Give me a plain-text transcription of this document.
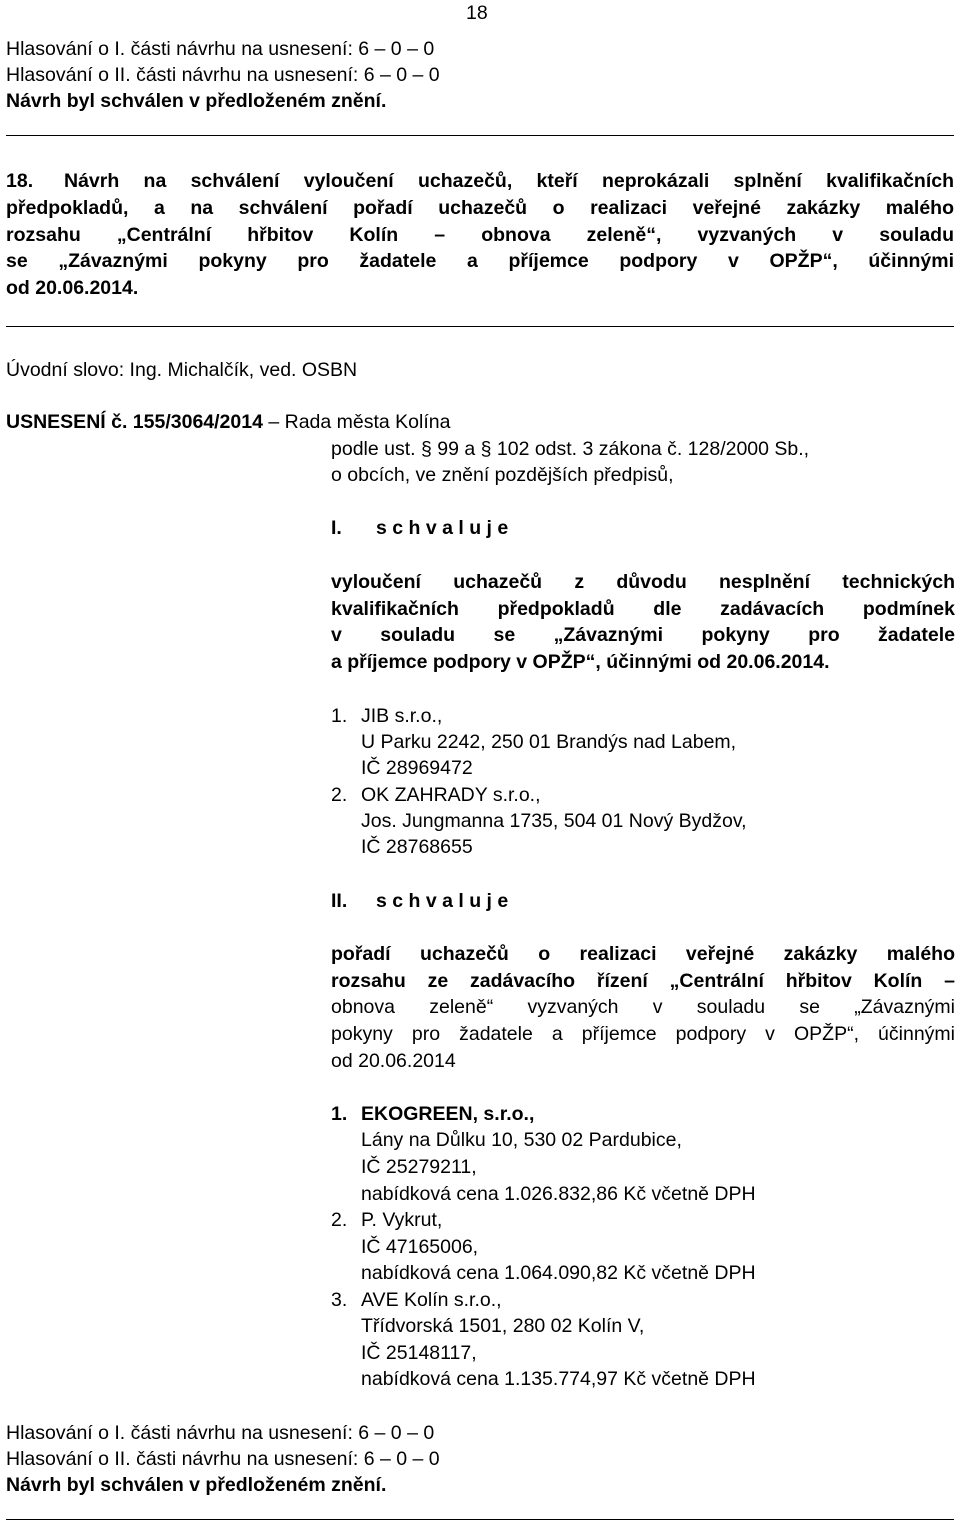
18
Hlasování o I. části návrhu na usnesení: 6 – 0 – 0
Hlasování o II. části návrhu na usnesení: 6 – 0 – 0
Návrh byl schválen v předloženém znění.
18. Návrh na schválení vyloučení uchazečů, kteří neprokázali splnění kvalifikačních
předpokladů, a na schválení pořadí uchazečů o realizaci veřejné zakázky malého
rozsahu „Centrální hřbitov Kolín – obnova zeleně“, vyzvaných v souladu
se „Závaznými pokyny pro žadatele a příjemce podpory v OPŽP“, účinnými
od 20.06.2014.
Úvodní slovo: Ing. Michalčík, ved. OSBN
USNESENÍ č. 155/3064/2014 – Rada města Kolína
podle ust. § 99 a § 102 odst. 3 zákona č. 128/2000 Sb.,
o obcích, ve znění pozdějších předpisů,
I. s c h v a l u j e
vyloučení uchazečů z důvodu nesplnění technických
kvalifikačních předpokladů dle zadávacích podmínek
v souladu se „Závaznými pokyny pro žadatele
a příjemce podpory v OPŽP“, účinnými od 20.06.2014.
1. JIB s.r.o.,
U Parku 2242, 250 01 Brandýs nad Labem,
IČ 28969472
2. OK ZAHRADY s.r.o.,
Jos. Jungmanna 1735, 504 01 Nový Bydžov,
IČ 28768655
II. s c h v a l u j e
pořadí uchazečů o realizaci veřejné zakázky malého
rozsahu ze zadávacího řízení „Centrální hřbitov Kolín –
obnova zeleně“ vyzvaných v souladu se „Závaznými
pokyny pro žadatele a příjemce podpory v OPŽP“, účinnými
od 20.06.2014
1. EKOGREEN, s.r.o.,
Lány na Důlku 10, 530 02 Pardubice,
IČ 25279211,
nabídková cena 1.026.832,86 Kč včetně DPH
2. P. Vykrut,
IČ 47165006,
nabídková cena 1.064.090,82 Kč včetně DPH
3. AVE Kolín s.r.o.,
Třídvorská 1501, 280 02 Kolín V,
IČ 25148117,
nabídková cena 1.135.774,97 Kč včetně DPH
Hlasování o I. části návrhu na usnesení: 6 – 0 – 0
Hlasování o II. části návrhu na usnesení: 6 – 0 – 0
Návrh byl schválen v předloženém znění.
